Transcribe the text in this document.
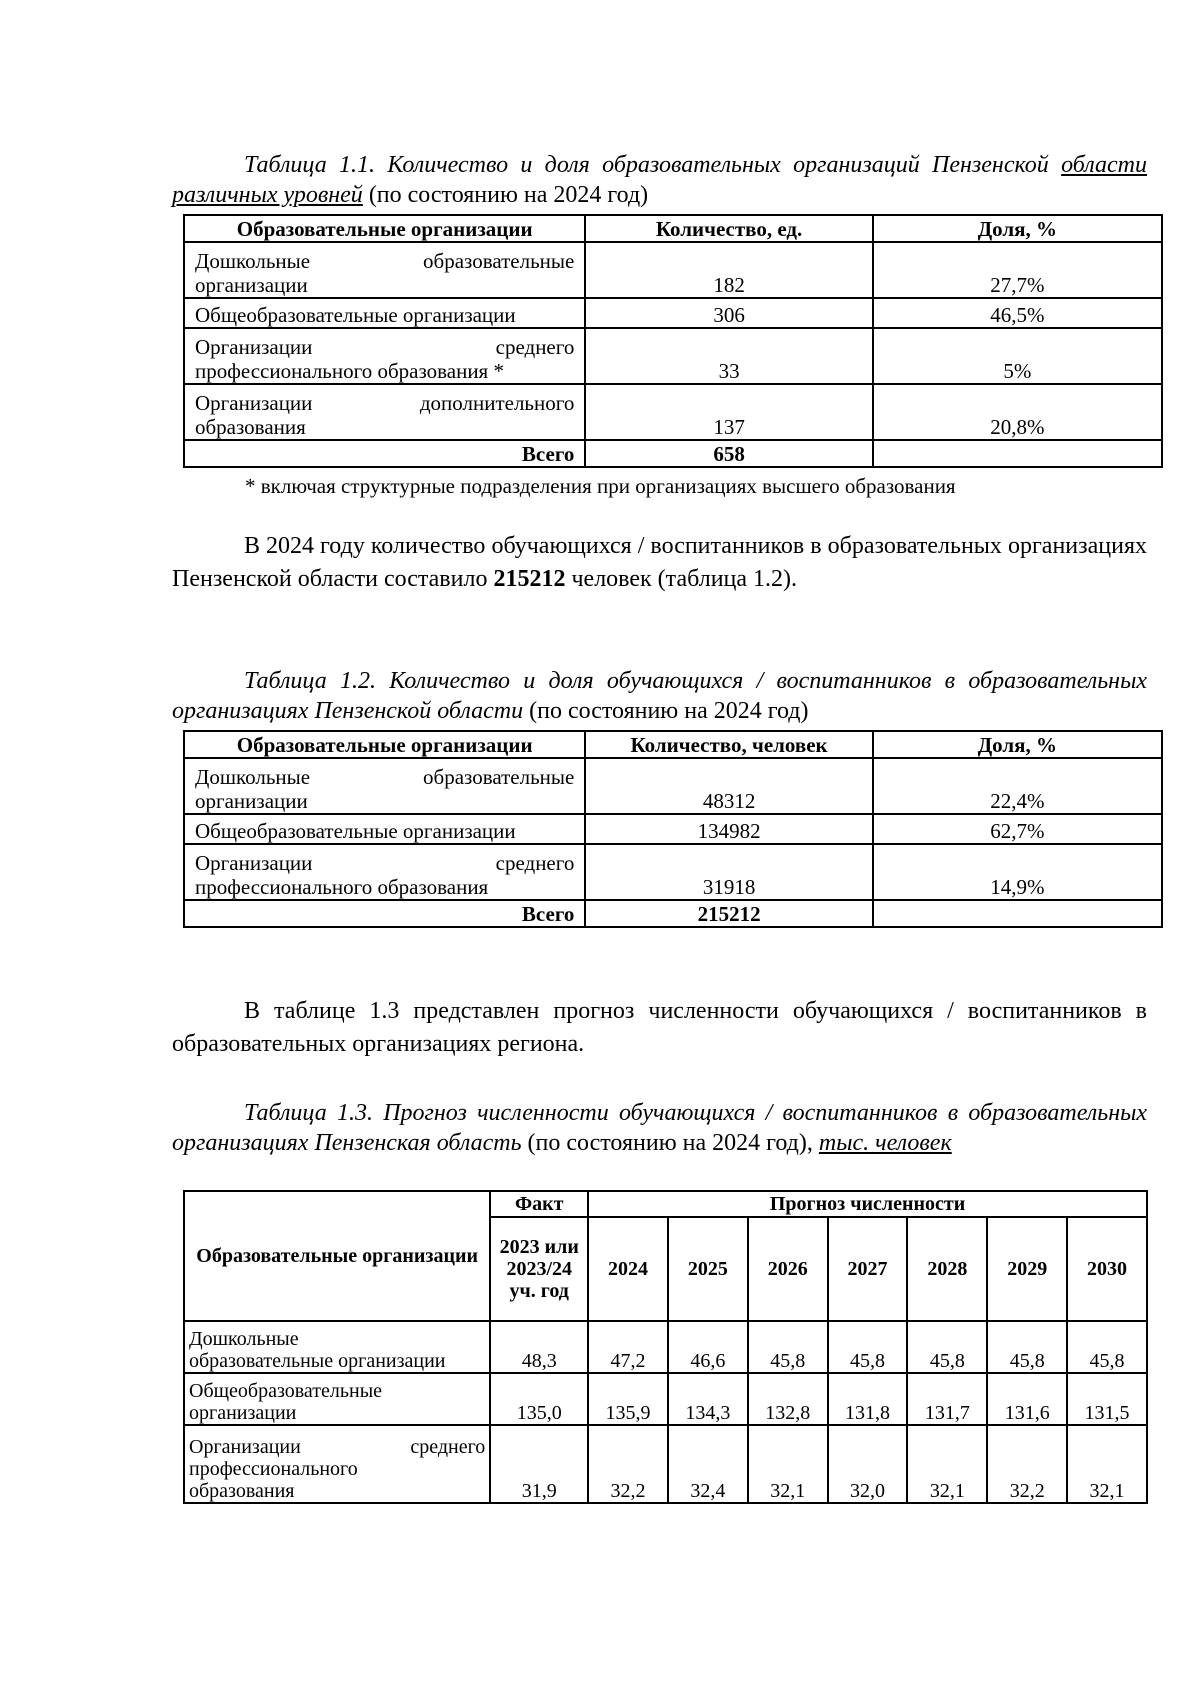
Таблица 1.1. Количество и доля образовательных организаций Пензенской области различных уровней (по состоянию на 2024 год)
Образовательные организации	Количество, ед.	Доля, %

Дошкольные образовательные
организации	182	27,7%
Общеобразовательные организации	306	46,5%

Организации среднего
профессионального образования *	33	5%

Организации дополнительного
образования	137	20,8%
Всего	658	
* включая структурные подразделения при организациях высшего образования
В 2024 году количество обучающихся / воспитанников в образовательных организациях Пензенской области составило 215212 человек (таблица 1.2).
Таблица 1.2. Количество и доля обучающихся / воспитанников в образовательных организациях Пензенской области (по состоянию на 2024 год)
Образовательные организации	Количество, человек	Доля, %

Дошкольные образовательные
организации	48312	22,4%
Общеобразовательные организации	134982	62,7%

Организации среднего
профессионального образования	31918	14,9%
Всего	215212	
В таблице 1.3 представлен прогноз численности обучающихся / воспитанников в образовательных организациях региона.
Таблица 1.3. Прогноз численности обучающихся / воспитанников в образовательных организациях Пензенская область (по состоянию на 2024 год), тыс. человек
Образовательные организации	Факт	Прогноз численности						
	2023 или 2023/24 уч. год	2024	2025	2026	2027	2028	2029	2030

Дошкольные
образовательные организации	48,3	47,2	46,6	45,8	45,8	45,8	45,8	45,8

Общеобразовательные
организации	135,0	135,9	134,3	132,8	131,8	131,7	131,6	131,5

Организации среднего
профессионального
образования	31,9	32,2	32,4	32,1	32,0	32,1	32,2	32,1
